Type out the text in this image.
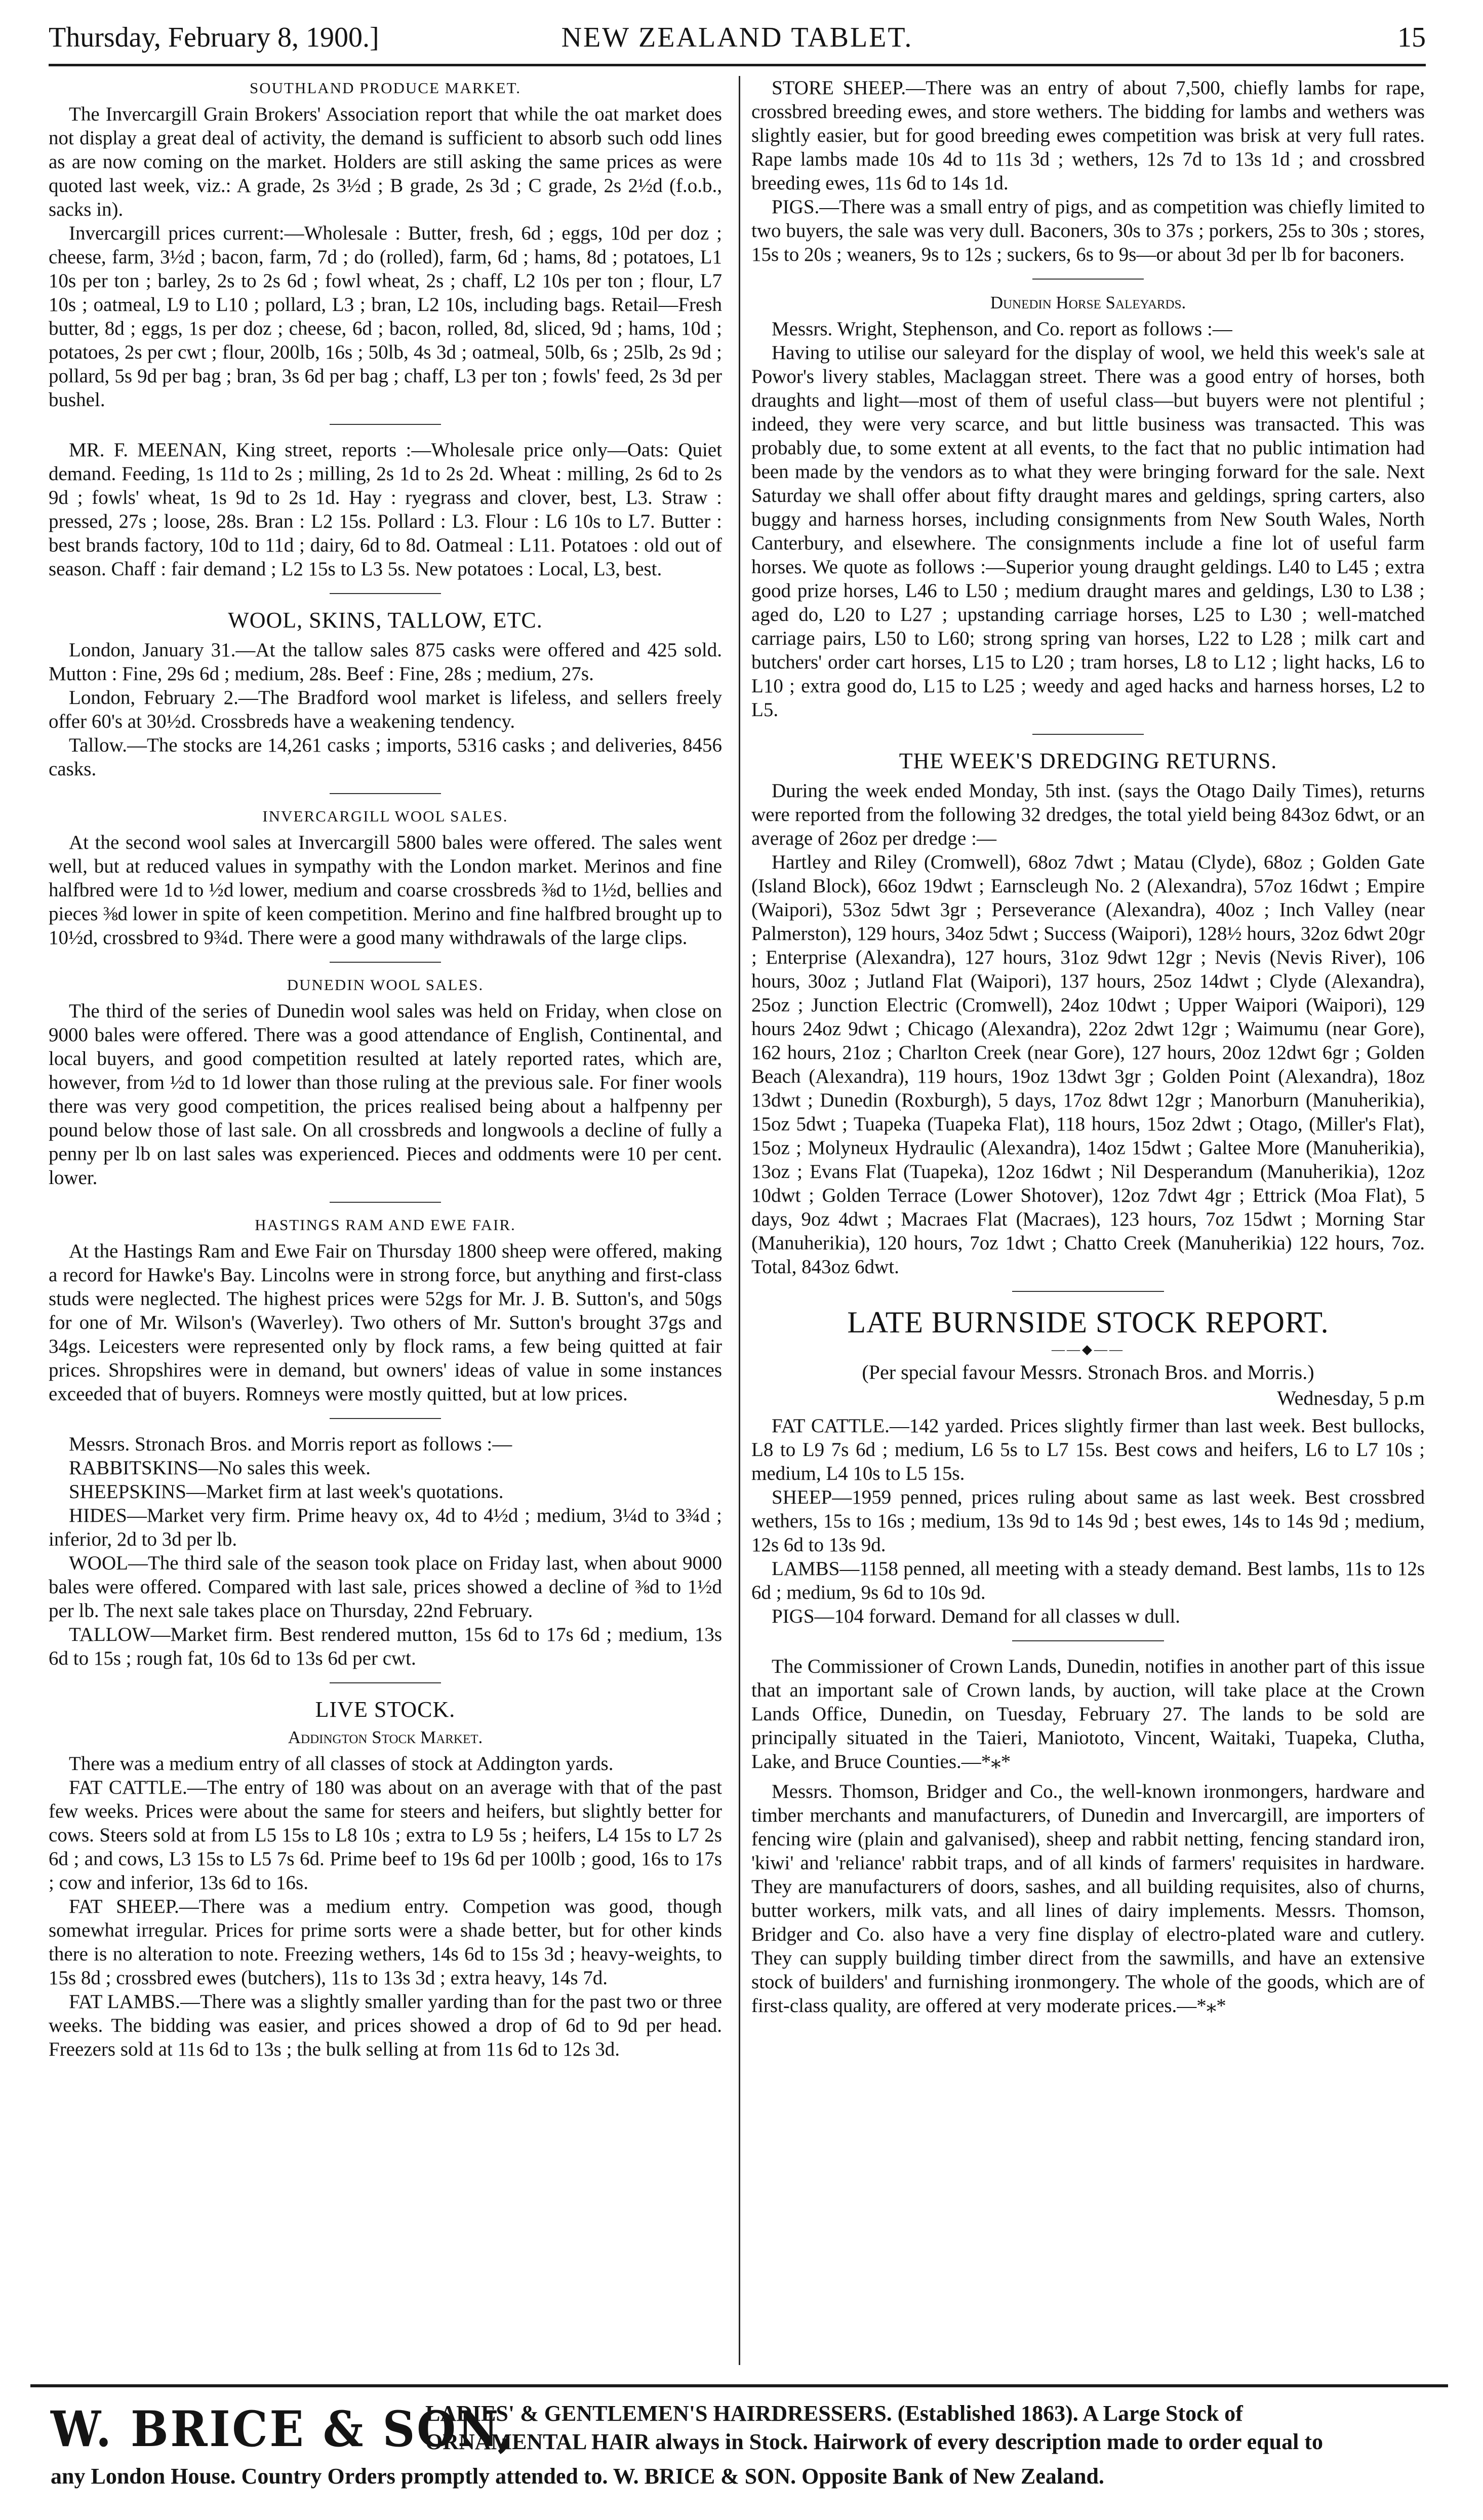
Thursday, February 8, 1900.]	NEW ZEALAND TABLET.	15
SOUTHLAND PRODUCE MARKET.

The Invercargill Grain Brokers' Association report that while the oat market does not display a great deal of activity, the demand is sufficient to absorb such odd lines as are now coming on the market. Holders are still asking the same prices as were quoted last week, viz.: A grade, 2s 3½d ; B grade, 2s 3d ; C grade, 2s 2½d (f.o.b., sacks in).

Invercargill prices current:—Wholesale : Butter, fresh, 6d ; eggs, 10d per doz ; cheese, farm, 3½d ; bacon, farm, 7d ; do (rolled), farm, 6d ; hams, 8d ; potatoes, L1 10s per ton ; barley, 2s to 2s 6d ; fowl wheat, 2s ; chaff, L2 10s per ton ; flour, L7 10s ; oatmeal, L9 to L10 ; pollard, L3 ; bran, L2 10s, including bags. Retail—Fresh butter, 8d ; eggs, 1s per doz ; cheese, 6d ; bacon, rolled, 8d, sliced, 9d ; hams, 10d ; potatoes, 2s per cwt ; flour, 200lb, 16s ; 50lb, 4s 3d ; oatmeal, 50lb, 6s ; 25lb, 2s 9d ; pollard, 5s 9d per bag ; bran, 3s 6d per bag ; chaff, L3 per ton ; fowls' feed, 2s 3d per bushel.

MR. F. MEENAN, King street, reports :—Wholesale price only—Oats: Quiet demand. Feeding, 1s 11d to 2s ; milling, 2s 1d to 2s 2d. Wheat : milling, 2s 6d to 2s 9d ; fowls' wheat, 1s 9d to 2s 1d. Hay : ryegrass and clover, best, L3. Straw : pressed, 27s ; loose, 28s. Bran : L2 15s. Pollard : L3. Flour : L6 10s to L7. Butter : best brands factory, 10d to 11d ; dairy, 6d to 8d. Oatmeal : L11. Potatoes : old out of season. Chaff : fair demand ; L2 15s to L3 5s. New potatoes : Local, L3, best.

WOOL, SKINS, TALLOW, ETC.

London, January 31.—At the tallow sales 875 casks were offered and 425 sold. Mutton : Fine, 29s 6d ; medium, 28s. Beef : Fine, 28s ; medium, 27s.

London, February 2.—The Bradford wool market is lifeless, and sellers freely offer 60's at 30½d. Crossbreds have a weakening tendency.

Tallow.—The stocks are 14,261 casks ; imports, 5316 casks ; and deliveries, 8456 casks.

INVERCARGILL WOOL SALES.

At the second wool sales at Invercargill 5800 bales were offered. The sales went well, but at reduced values in sympathy with the London market. Merinos and fine halfbred were 1d to ½d lower, medium and coarse crossbreds ⅜d to 1½d, bellies and pieces ⅜d lower in spite of keen competition. Merino and fine halfbred brought up to 10½d, crossbred to 9¾d. There were a good many withdrawals of the large clips.

DUNEDIN WOOL SALES.

The third of the series of Dunedin wool sales was held on Friday, when close on 9000 bales were offered. There was a good attendance of English, Continental, and local buyers, and good competition resulted at lately reported rates, which are, however, from ½d to 1d lower than those ruling at the previous sale. For finer wools there was very good competition, the prices realised being about a halfpenny per pound below those of last sale. On all crossbreds and longwools a decline of fully a penny per lb on last sales was experienced. Pieces and oddments were 10 per cent. lower.

HASTINGS RAM AND EWE FAIR.

At the Hastings Ram and Ewe Fair on Thursday 1800 sheep were offered, making a record for Hawke's Bay. Lincolns were in strong force, but anything and first-class studs were neglected. The highest prices were 52gs for Mr. J. B. Sutton's, and 50gs for one of Mr. Wilson's (Waverley). Two others of Mr. Sutton's brought 37gs and 34gs. Leicesters were represented only by flock rams, a few being quitted at fair prices. Shropshires were in demand, but owners' ideas of value in some instances exceeded that of buyers. Romneys were mostly quitted, but at low prices.

Messrs. Stronach Bros. and Morris report as follows :—

RABBITSKINS—No sales this week.

SHEEPSKINS—Market firm at last week's quotations.

HIDES—Market very firm. Prime heavy ox, 4d to 4½d ; medium, 3¼d to 3¾d ; inferior, 2d to 3d per lb.

WOOL—The third sale of the season took place on Friday last, when about 9000 bales were offered. Compared with last sale, prices showed a decline of ⅜d to 1½d per lb. The next sale takes place on Thursday, 22nd February.

TALLOW—Market firm. Best rendered mutton, 15s 6d to 17s 6d ; medium, 13s 6d to 15s ; rough fat, 10s 6d to 13s 6d per cwt.

LIVE STOCK.
Addington Stock Market.

There was a medium entry of all classes of stock at Addington yards.

FAT CATTLE.—The entry of 180 was about on an average with that of the past few weeks. Prices were about the same for steers and heifers, but slightly better for cows. Steers sold at from L5 15s to L8 10s ; extra to L9 5s ; heifers, L4 15s to L7 2s 6d ; and cows, L3 15s to L5 7s 6d. Prime beef to 19s 6d per 100lb ; good, 16s to 17s ; cow and inferior, 13s 6d to 16s.

FAT SHEEP.—There was a medium entry. Competion was good, though somewhat irregular. Prices for prime sorts were a shade better, but for other kinds there is no alteration to note. Freezing wethers, 14s 6d to 15s 3d ; heavy-weights, to 15s 8d ; crossbred ewes (butchers), 11s to 13s 3d ; extra heavy, 14s 7d.

FAT LAMBS.—There was a slightly smaller yarding than for the past two or three weeks. The bidding was easier, and prices showed a drop of 6d to 9d per head. Freezers sold at 11s 6d to 13s ; the bulk selling at from 11s 6d to 12s 3d.

STORE SHEEP.—There was an entry of about 7,500, chiefly lambs for rape, crossbred breeding ewes, and store wethers. The bidding for lambs and wethers was slightly easier, but for good breeding ewes competition was brisk at very full rates. Rape lambs made 10s 4d to 11s 3d ; wethers, 12s 7d to 13s 1d ; and crossbred breeding ewes, 11s 6d to 14s 1d.

PIGS.—There was a small entry of pigs, and as competition was chiefly limited to two buyers, the sale was very dull. Baconers, 30s to 37s ; porkers, 25s to 30s ; stores, 15s to 20s ; weaners, 9s to 12s ; suckers, 6s to 9s—or about 3d per lb for baconers.

Dunedin Horse Saleyards.

Messrs. Wright, Stephenson, and Co. report as follows :—

Having to utilise our saleyard for the display of wool, we held this week's sale at Powor's livery stables, Maclaggan street. There was a good entry of horses, both draughts and light—most of them of useful class—but buyers were not plentiful ; indeed, they were very scarce, and but little business was transacted. This was probably due, to some extent at all events, to the fact that no public intimation had been made by the vendors as to what they were bringing forward for the sale. Next Saturday we shall offer about fifty draught mares and geldings, spring carters, also buggy and harness horses, including consignments from New South Wales, North Canterbury, and elsewhere. The consignments include a fine lot of useful farm horses. We quote as follows :—Superior young draught geldings. L40 to L45 ; extra good prize horses, L46 to L50 ; medium draught mares and geldings, L30 to L38 ; aged do, L20 to L27 ; upstanding carriage horses, L25 to L30 ; well-matched carriage pairs, L50 to L60; strong spring van horses, L22 to L28 ; milk cart and butchers' order cart horses, L15 to L20 ; tram horses, L8 to L12 ; light hacks, L6 to L10 ; extra good do, L15 to L25 ; weedy and aged hacks and harness horses, L2 to L5.

THE WEEK'S DREDGING RETURNS.

During the week ended Monday, 5th inst. (says the Otago Daily Times), returns were reported from the following 32 dredges, the total yield being 843oz 6dwt, or an average of 26oz per dredge :—

Hartley and Riley (Cromwell), 68oz 7dwt ; Matau (Clyde), 68oz ; Golden Gate (Island Block), 66oz 19dwt ; Earnscleugh No. 2 (Alexandra), 57oz 16dwt ; Empire (Waipori), 53oz 5dwt 3gr ; Perseverance (Alexandra), 40oz ; Inch Valley (near Palmerston), 129 hours, 34oz 5dwt ; Success (Waipori), 128½ hours, 32oz 6dwt 20gr ; Enterprise (Alexandra), 127 hours, 31oz 9dwt 12gr ; Nevis (Nevis River), 106 hours, 30oz ; Jutland Flat (Waipori), 137 hours, 25oz 14dwt ; Clyde (Alexandra), 25oz ; Junction Electric (Cromwell), 24oz 10dwt ; Upper Waipori (Waipori), 129 hours 24oz 9dwt ; Chicago (Alexandra), 22oz 2dwt 12gr ; Waimumu (near Gore), 162 hours, 21oz ; Charlton Creek (near Gore), 127 hours, 20oz 12dwt 6gr ; Golden Beach (Alexandra), 119 hours, 19oz 13dwt 3gr ; Golden Point (Alexandra), 18oz 13dwt ; Dunedin (Roxburgh), 5 days, 17oz 8dwt 12gr ; Manorburn (Manuherikia), 15oz 5dwt ; Tuapeka (Tuapeka Flat), 118 hours, 15oz 2dwt ; Otago, (Miller's Flat), 15oz ; Molyneux Hydraulic (Alexandra), 14oz 15dwt ; Galtee More (Manuherikia), 13oz ; Evans Flat (Tuapeka), 12oz 16dwt ; Nil Desperandum (Manuherikia), 12oz 10dwt ; Golden Terrace (Lower Shotover), 12oz 7dwt 4gr ; Ettrick (Moa Flat), 5 days, 9oz 4dwt ; Macraes Flat (Macraes), 123 hours, 7oz 15dwt ; Morning Star (Manuherikia), 120 hours, 7oz 1dwt ; Chatto Creek (Manuherikia) 122 hours, 7oz. Total, 843oz 6dwt.

LATE BURNSIDE STOCK REPORT.
——◆——
(Per special favour Messrs. Stronach Bros. and Morris.)
Wednesday, 5 p.m

FAT CATTLE.—142 yarded. Prices slightly firmer than last week. Best bullocks, L8 to L9 7s 6d ; medium, L6 5s to L7 15s. Best cows and heifers, L6 to L7 10s ; medium, L4 10s to L5 15s.

SHEEP—1959 penned, prices ruling about same as last week. Best crossbred wethers, 15s to 16s ; medium, 13s 9d to 14s 9d ; best ewes, 14s to 14s 9d ; medium, 12s 6d to 13s 9d.

LAMBS—1158 penned, all meeting with a steady demand. Best lambs, 11s to 12s 6d ; medium, 9s 6d to 10s 9d.

PIGS—104 forward. Demand for all classes w dull.

The Commissioner of Crown Lands, Dunedin, notifies in another part of this issue that an important sale of Crown lands, by auction, will take place at the Crown Lands Office, Dunedin, on Tuesday, February 27. The lands to be sold are principally situated in the Taieri, Maniototo, Vincent, Waitaki, Tuapeka, Clutha, Lake, and Bruce Counties.—*⁎*

Messrs. Thomson, Bridger and Co., the well-known ironmongers, hardware and timber merchants and manufacturers, of Dunedin and Invercargill, are importers of fencing wire (plain and galvanised), sheep and rabbit netting, fencing standard iron, 'kiwi' and 'reliance' rabbit traps, and of all kinds of farmers' requisites in hardware. They are manufacturers of doors, sashes, and all building requisites, also of churns, butter workers, milk vats, and all lines of dairy implements. Messrs. Thomson, Bridger and Co. also have a very fine display of electro-plated ware and cutlery. They can supply building timber direct from the sawmills, and have an extensive stock of builders' and furnishing ironmongery. The whole of the goods, which are of first-class quality, are offered at very moderate prices.—*⁎*

W. BRICE & SON,
LADIES' & GENTLEMEN'S HAIRDRESSERS. (Established 1863). A Large Stock of
ORNAMENTAL HAIR always in Stock. Hairwork of every description made to order equal to
any London House. Country Orders promptly attended to. W. BRICE & SON. Opposite Bank of New Zealand.
